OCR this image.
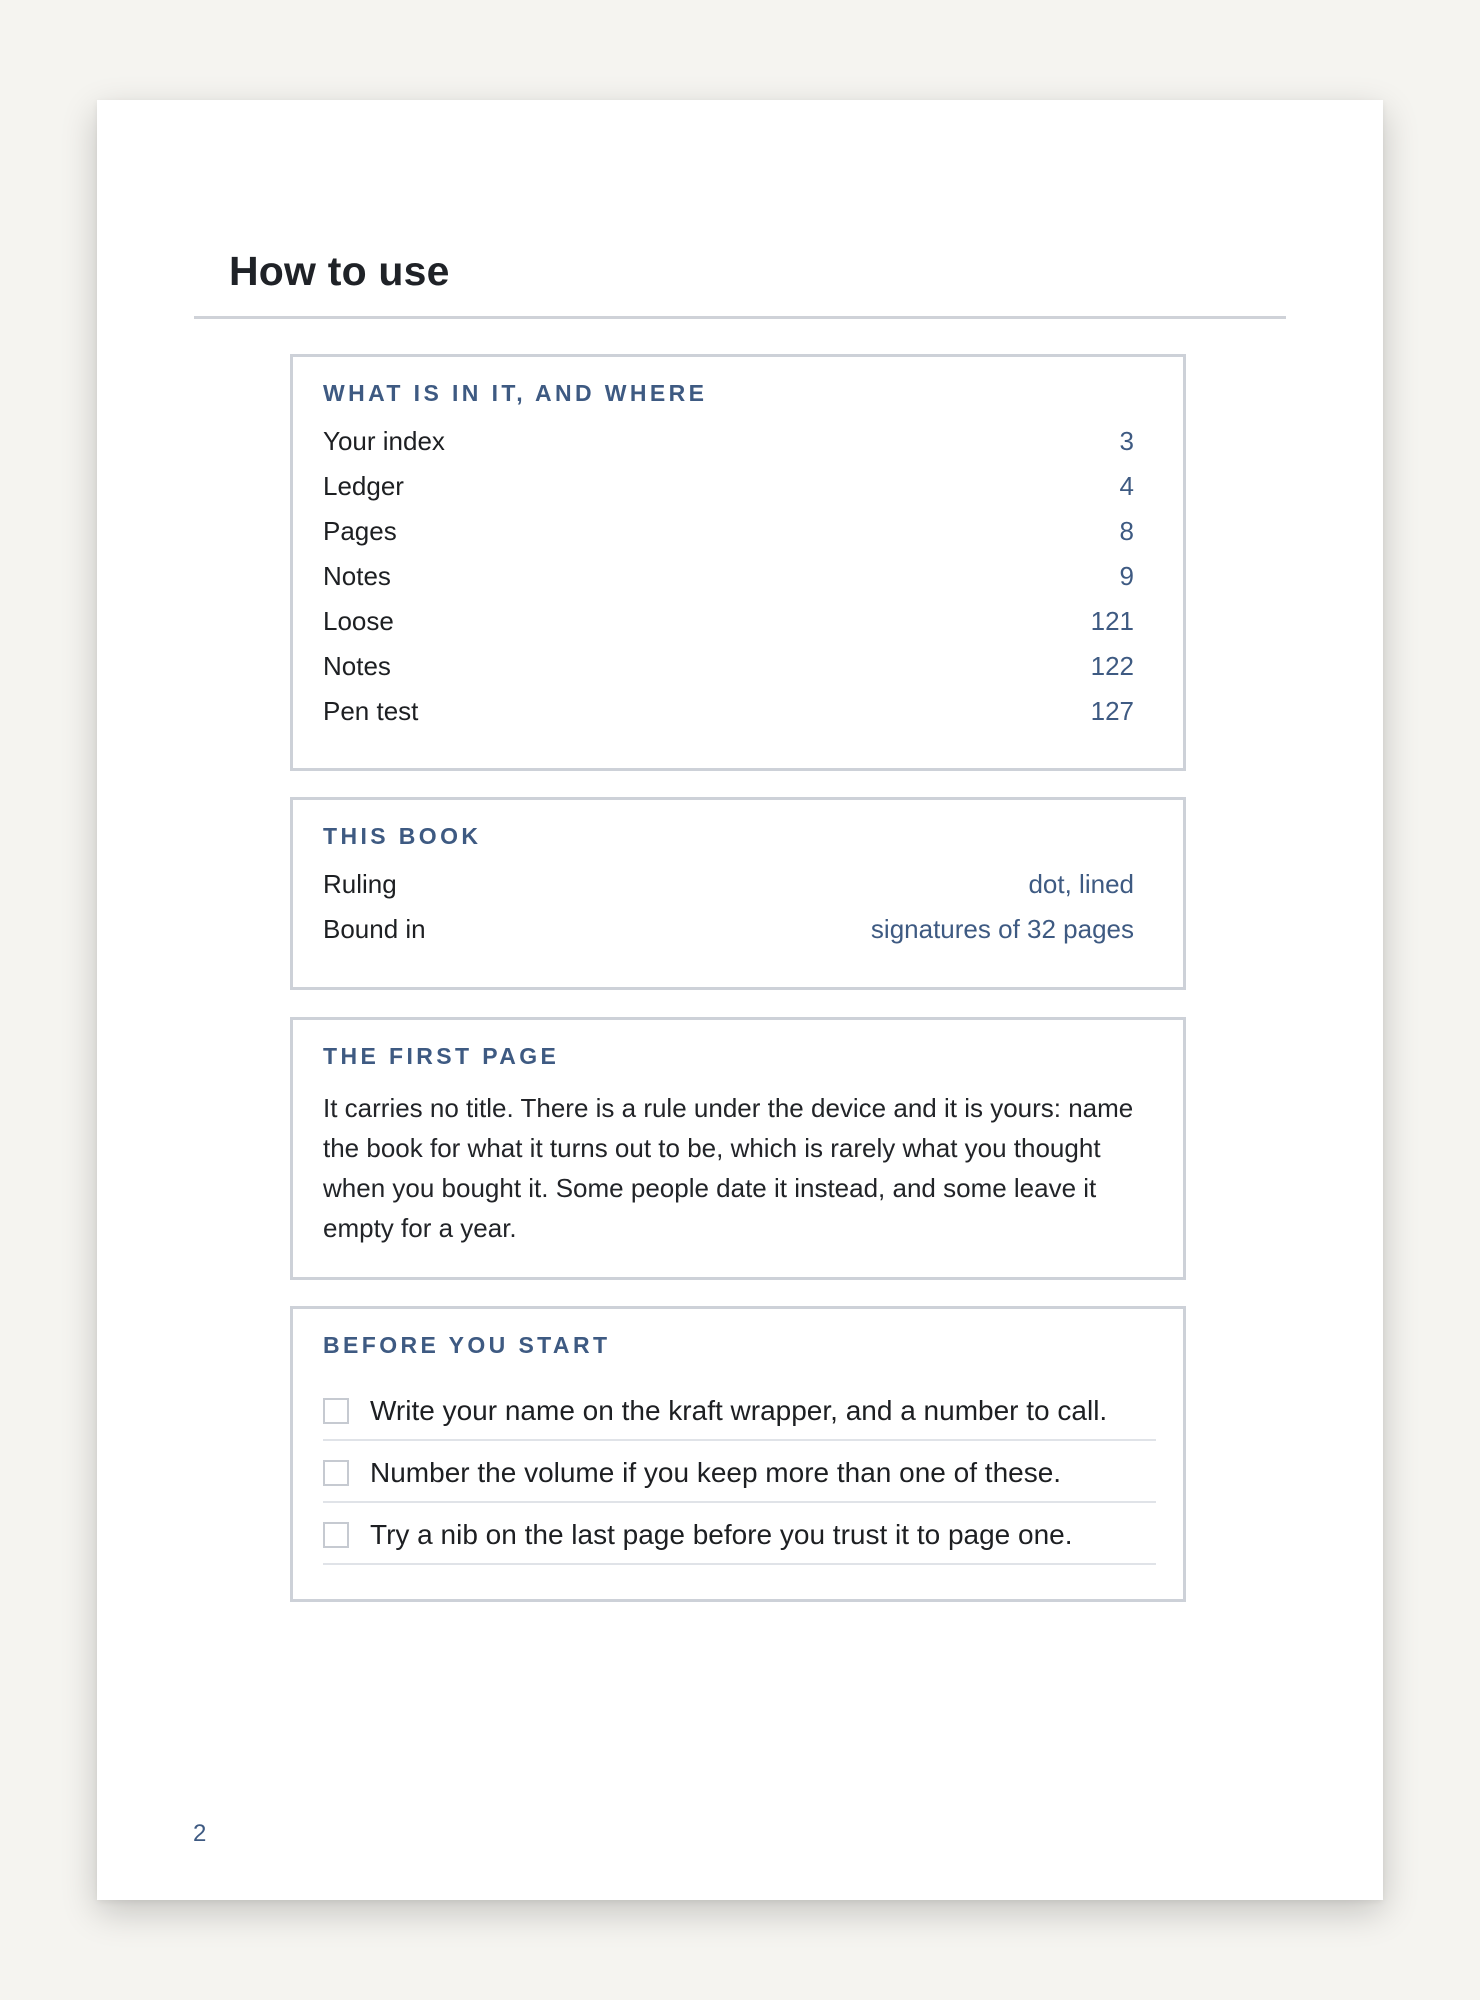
How to use
WHAT IS IN IT, AND WHERE
Your index	3
Ledger	4
Pages	8
Notes	9
Loose	121
Notes	122
Pen test	127
THIS BOOK
Ruling	dot, lined
Bound in	signatures of 32 pages
THE FIRST PAGE

It carries no title. There is a rule under the device and it is yours: name the book for what it turns out to be, which is rarely what you thought when you bought it. Some people date it instead, and some leave it empty for a year.

BEFORE YOU START
Write your name on the kraft wrapper, and a number to call.
Number the volume if you keep more than one of these.
Try a nib on the last page before you trust it to page one.
2
